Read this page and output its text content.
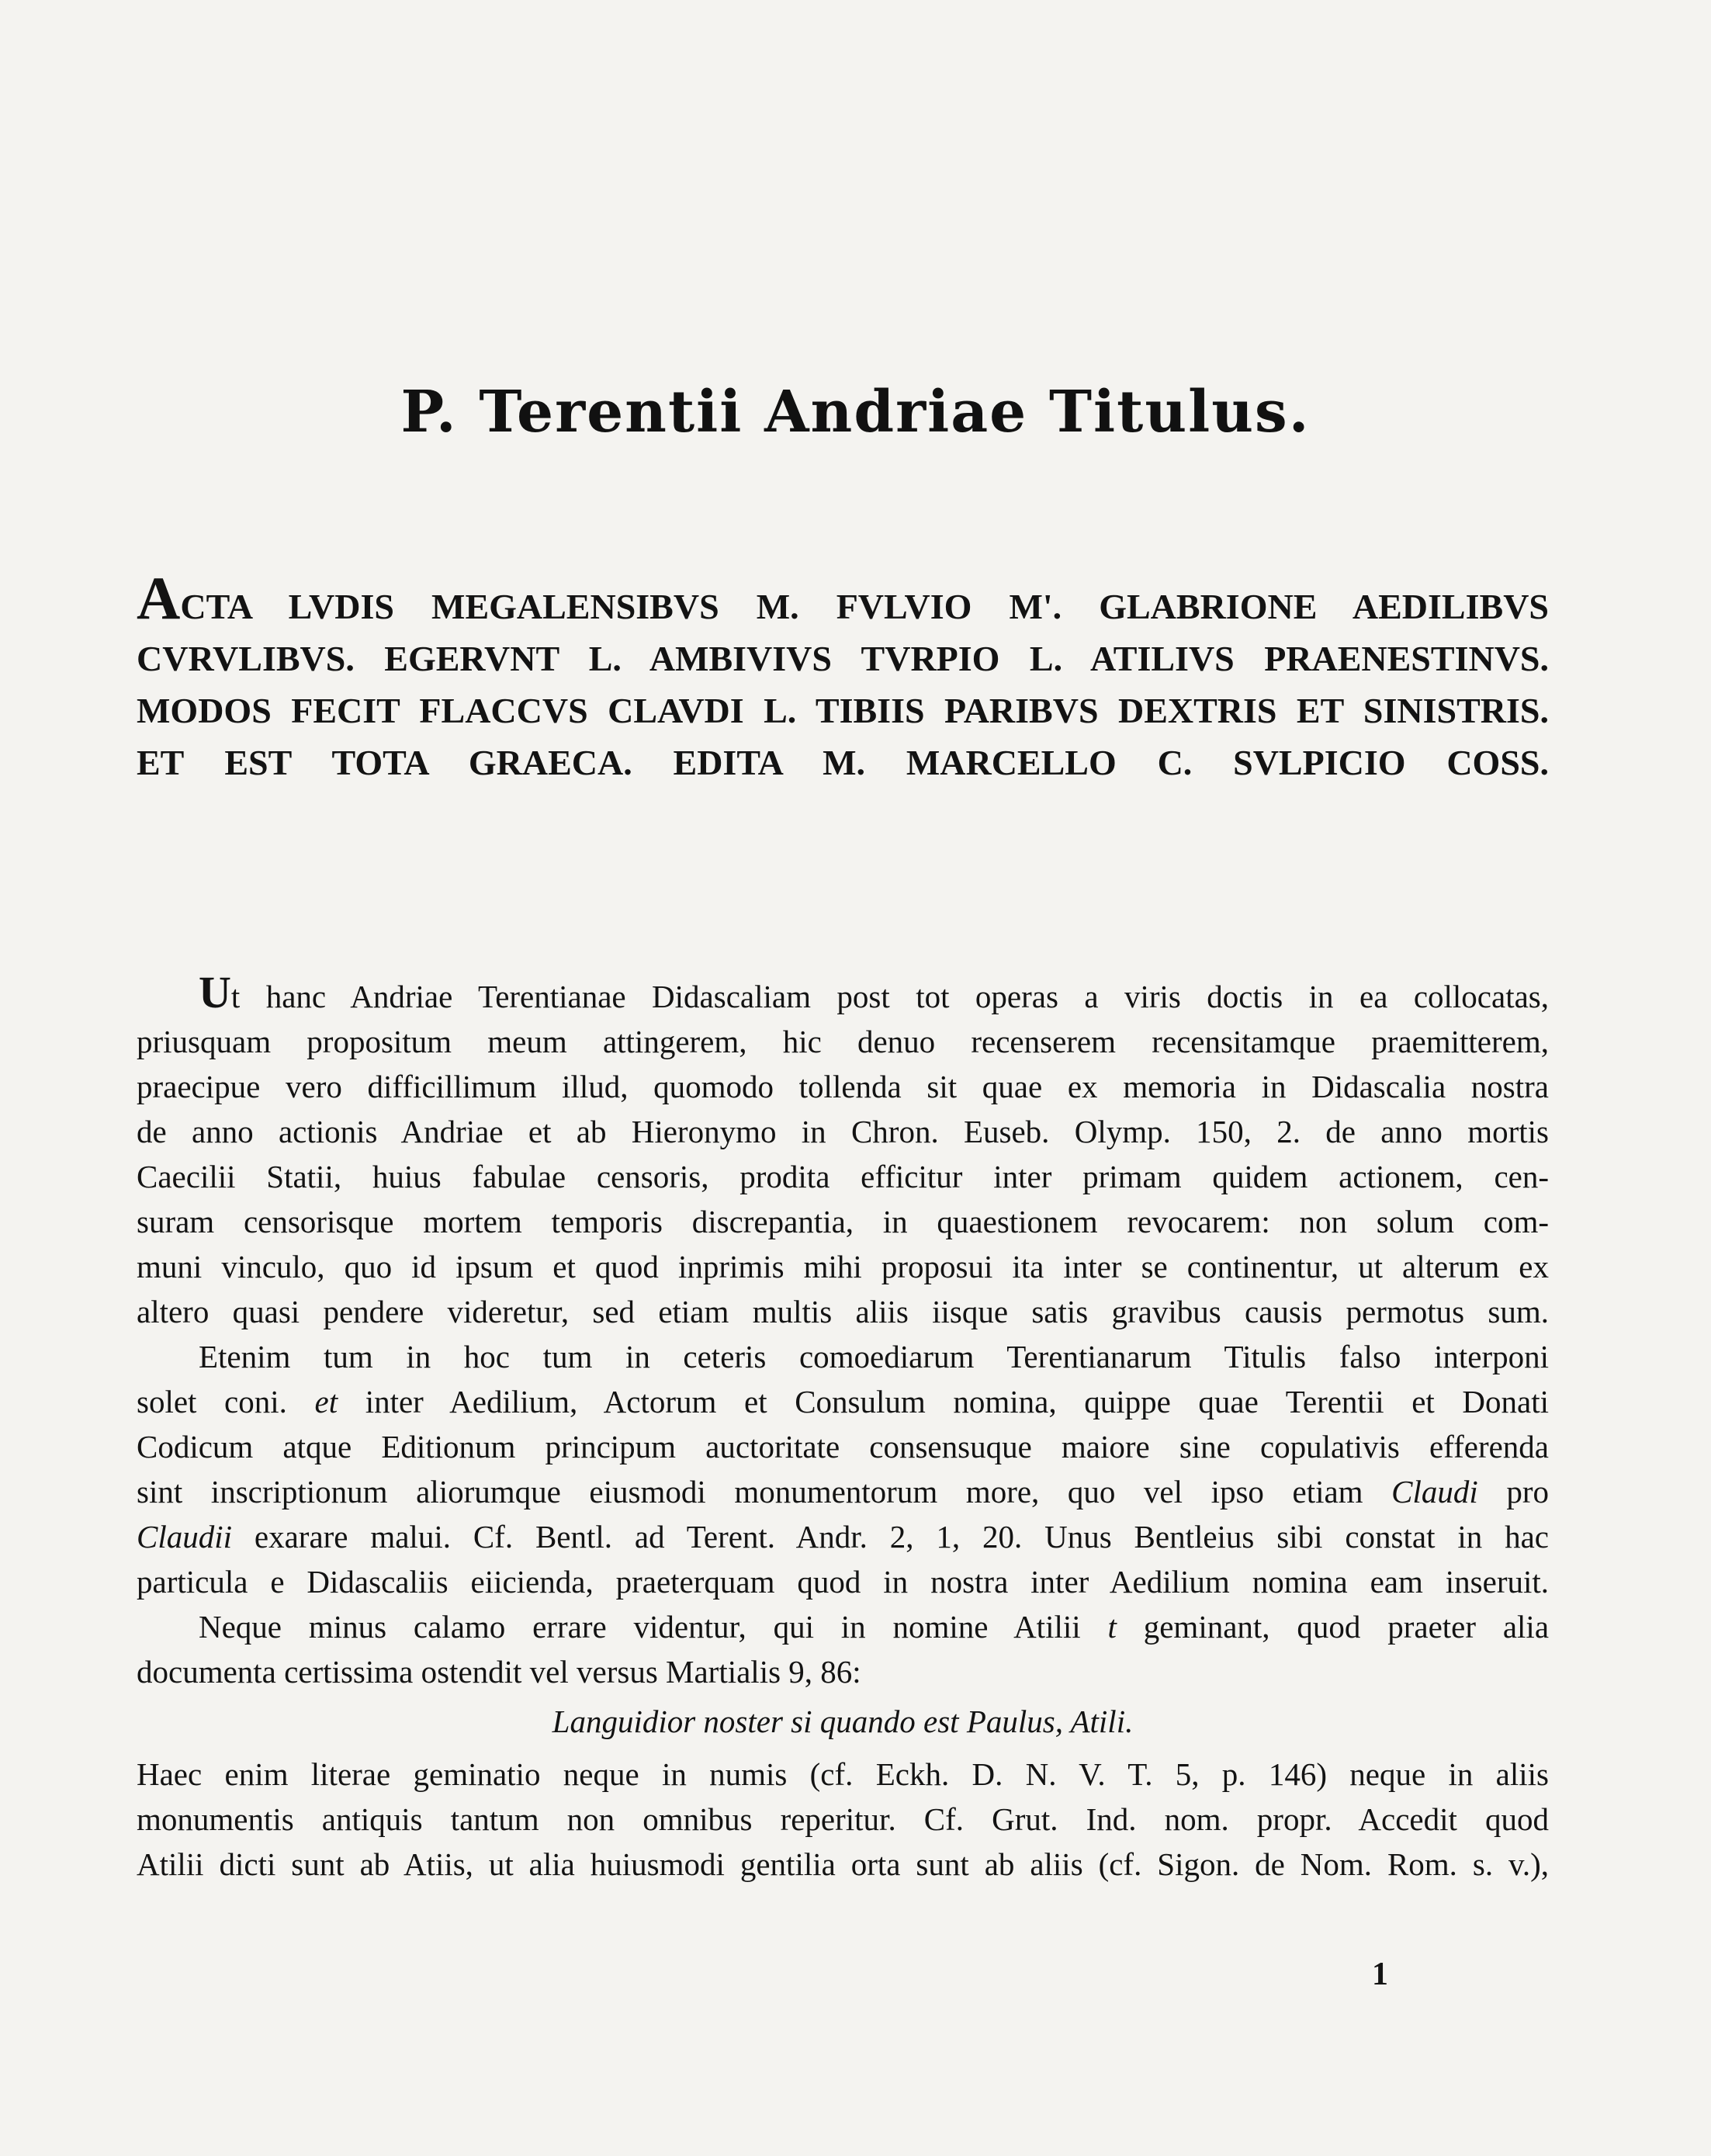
P. Terentii Andriae Titulus.
ACTA LVDIS MEGALENSIBVS M. FVLVIO M'. GLABRIONE AEDILIBVS
CVRVLIBVS. EGERVNT L. AMBIVIVS TVRPIO L. ATILIVS PRAENESTINVS.
MODOS FECIT FLACCVS CLAVDI L. TIBIIS PARIBVS DEXTRIS ET SINISTRIS.
ET EST TOTA GRAECA. EDITA M. MARCELLO C. SVLPICIO COSS.
Ut hanc Andriae Terentianae Didascaliam post tot operas a viris doctis in ea collocatas,
priusquam propositum meum attingerem, hic denuo recenserem recensitamque praemitterem,
praecipue vero difficillimum illud, quomodo tollenda sit quae ex memoria in Didascalia nostra
de anno actionis Andriae et ab Hieronymo in Chron. Euseb. Olymp. 150, 2. de anno mortis
Caecilii Statii, huius fabulae censoris, prodita efficitur inter primam quidem actionem, cen-
suram censorisque mortem temporis discrepantia, in quaestionem revocarem: non solum com-
muni vinculo, quo id ipsum et quod inprimis mihi proposui ita inter se continentur, ut alterum ex
altero quasi pendere videretur, sed etiam multis aliis iisque satis gravibus causis permotus sum.
Etenim tum in hoc tum in ceteris comoediarum Terentianarum Titulis falso interponi
solet coni. et inter Aedilium, Actorum et Consulum nomina, quippe quae Terentii et Donati
Codicum atque Editionum principum auctoritate consensuque maiore sine copulativis efferenda
sint inscriptionum aliorumque eiusmodi monumentorum more, quo vel ipso etiam Claudi pro
Claudii exarare malui. Cf. Bentl. ad Terent. Andr. 2, 1, 20. Unus Bentleius sibi constat in hac
particula e Didascaliis eiicienda, praeterquam quod in nostra inter Aedilium nomina eam inseruit.
Neque minus calamo errare videntur, qui in nomine Atilii t geminant, quod praeter alia
documenta certissima ostendit vel versus Martialis 9, 86:
Languidior noster si quando est Paulus, Atili.
Haec enim literae geminatio neque in numis (cf. Eckh. D. N. V. T. 5, p. 146) neque in aliis
monumentis antiquis tantum non omnibus reperitur. Cf. Grut. Ind. nom. propr. Accedit quod
Atilii dicti sunt ab Atiis, ut alia huiusmodi gentilia orta sunt ab aliis (cf. Sigon. de Nom. Rom. s. v.),
1
